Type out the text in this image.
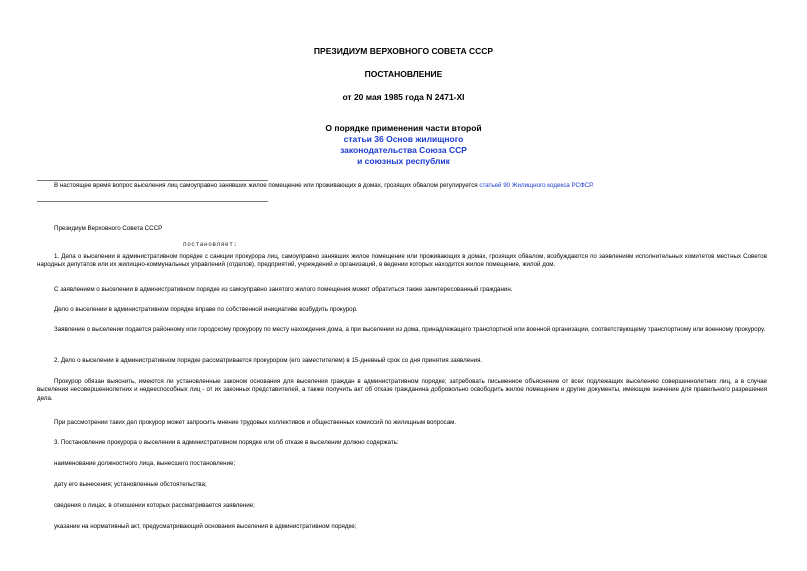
ПРЕЗИДИУМ ВЕРХОВНОГО СОВЕТА СССР
ПОСТАНОВЛЕНИЕ
от 20 мая 1985 года N 2471-XI
О порядке применения части второй
статьи 36 Основ жилищного
законодательства Союза ССР
и союзных республик
В настоящее время вопрос выселения лиц самоуправно занявших жилое помещение или проживающих в домах, грозящих обвалом регулируется статьей 90 Жилищного кодекса РСФСР.
Президиум Верховного Совета СССР
постановляет:
1. Дела о выселении в административном порядке с санкции прокурора лиц, самоуправно занявших жилое помещение или проживающих в домах, грозящих обвалом, возбуждаются по заявлениям исполнительных комитетов местных Советов народных депутатов или их жилищно-коммунальных управлений (отделов), предприятий, учреждений и организаций, в ведении которых находится жилое помещение, жилой дом.
С заявлением о выселении в административном порядке из самоуправно занятого жилого помещения может обратиться также заинтересованный гражданин.
Дело о выселении в административном порядке вправе по собственной инициативе возбудить прокурор.
Заявление о выселении подается районному или городскому прокурору по месту нахождения дома, а при выселении из дома, принадлежащего транспортной или военной организации, соответствующему транспортному или военному прокурору.
2. Дело о выселении в административном порядке рассматривается прокурором (его заместителем) в 15-дневный срок со дня принятия заявления.
Прокурор обязан выяснить, имеются ли установленные законом основания для выселения граждан в административном порядке; затребовать письменное объяснение от всех подлежащих выселению совершеннолетних лиц, а в случае выселения несовершеннолетних и недееспособных лиц - от их законных представителей, а также получить акт об отказе гражданина добровольно освободить жилое помещение и другие документы, имеющие значение для правильного разрешения дела.
При рассмотрении таких дел прокурор может запросить мнение трудовых коллективов и общественных комиссий по жилищным вопросам.
3. Постановление прокурора о выселении в административном порядке или об отказе в выселении должно содержать:
наименование должностного лица, вынесшего постановление;
дату его вынесения; установленные обстоятельства;
сведения о лицах, в отношении которых рассматривается заявление;
указание на нормативный акт, предусматривающий основания выселения в административном порядке;
